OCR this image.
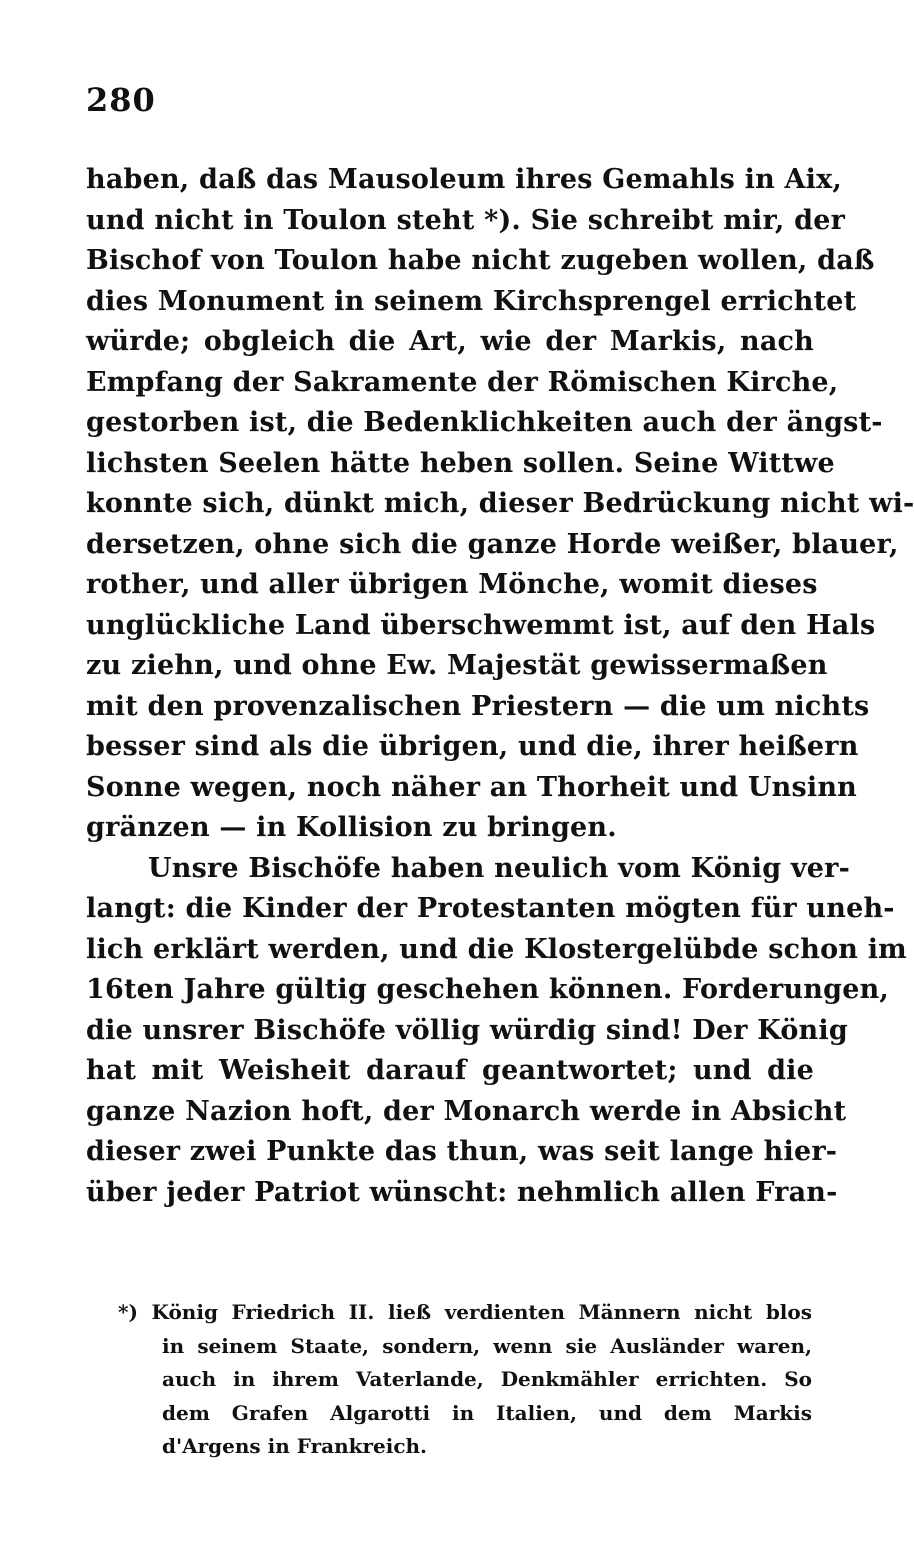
280
haben, daß das Mausoleum ihres Gemahls in Aix,
und nicht in Toulon steht *). Sie schreibt mir, der
Bischof von Toulon habe nicht zugeben wollen, daß
dies Monument in seinem Kirchsprengel errichtet
würde; obgleich die Art, wie der Markis, nach
Empfang der Sakramente der Römischen Kirche,
gestorben ist, die Bedenklichkeiten auch der ängst-
lichsten Seelen hätte heben sollen. Seine Wittwe
konnte sich, dünkt mich, dieser Bedrückung nicht wi-
dersetzen, ohne sich die ganze Horde weißer, blauer,
rother, und aller übrigen Mönche, womit dieses
unglückliche Land überschwemmt ist, auf den Hals
zu ziehn, und ohne Ew. Majestät gewissermaßen
mit den provenzalischen Priestern — die um nichts
besser sind als die übrigen, und die, ihrer heißern
Sonne wegen, noch näher an Thorheit und Unsinn
gränzen — in Kollision zu bringen.
Unsre Bischöfe haben neulich vom König ver-
langt: die Kinder der Protestanten mögten für uneh-
lich erklärt werden, und die Klostergelübde schon im
16ten Jahre gültig geschehen können. Forderungen,
die unsrer Bischöfe völlig würdig sind! Der König
hat mit Weisheit darauf geantwortet; und die
ganze Nazion hoft, der Monarch werde in Absicht
dieser zwei Punkte das thun, was seit lange hier-
über jeder Patriot wünscht: nehmlich allen Fran-
*) König Friedrich II. ließ verdienten Männern nicht blos
in seinem Staate, sondern, wenn sie Ausländer waren,
auch in ihrem Vaterlande, Denkmähler errichten. So
dem Grafen Algarotti in Italien, und dem Markis
d'Argens in Frankreich.
